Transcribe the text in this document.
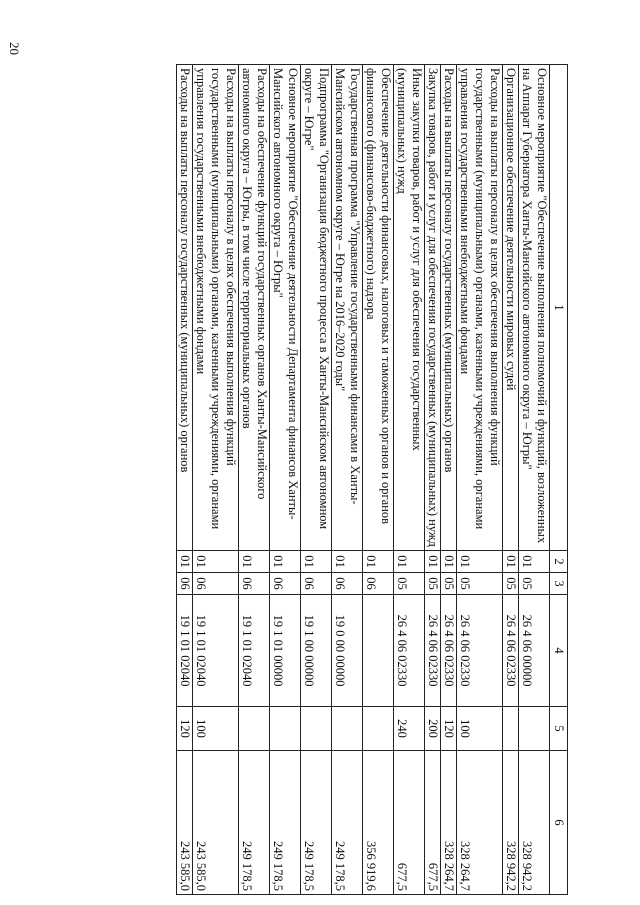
20
1	2	3	4	5	6
Основное мероприятие "Обеспечение выполнения полномочий и функций, возложенных на Аппарат Губернатора Ханты-Мансийского автономного округа – Югры"	01	05	26 4 06 00000		328 942,2
Организационное обеспечение деятельности мировых судей	01	05	26 4 06 02330		328 942,2
Расходы на выплаты персоналу в целях обеспечения выполнения функций государственными (муниципальными) органами, казенными учреждениями, органами управления государственными внебюджетными фондами	01	05	26 4 06 02330	100	328 264,7
Расходы на выплаты персоналу государственных (муниципальных) органов	01	05	26 4 06 02330	120	328 264,7
Закупка товаров, работ и услуг для обеспечения государственных (муниципальных) нужд	01	05	26 4 06 02330	200	677,5
Иные закупки товаров, работ и услуг для обеспечения государственных (муниципальных) нужд	01	05	26 4 06 02330	240	677,5
Обеспечение деятельности финансовых, налоговых и таможенных органов и органов финансового (финансово-бюджетного) надзора	01	06			356 919,6
Государственная программа "Управление государственными финансами в Ханты-Мансийском автономном округе – Югре на 2016–2020 годы"	01	06	19 0 00 00000		249 178,5
Подпрограмма "Организация бюджетного процесса в Ханты-Мансийском автономном округе – Югре"	01	06	19 1 00 00000		249 178,5
Основное мероприятие "Обеспечение деятельности Департамента финансов Ханты-Мансийского автономного округа – Югры"	01	06	19 1 01 00000		249 178,5
Расходы на обеспечение функций государственных органов Ханты-Мансийского автономного округа – Югры, в том числе территориальных органов	01	06	19 1 01 02040		249 178,5
Расходы на выплаты персоналу в целях обеспечения выполнения функций государственными (муниципальными) органами, казенными учреждениями, органами управления государственными внебюджетными фондами	01	06	19 1 01 02040	100	243 585,0
Расходы на выплаты персоналу государственных (муниципальных) органов	01	06	19 1 01 02040	120	243 585,0
